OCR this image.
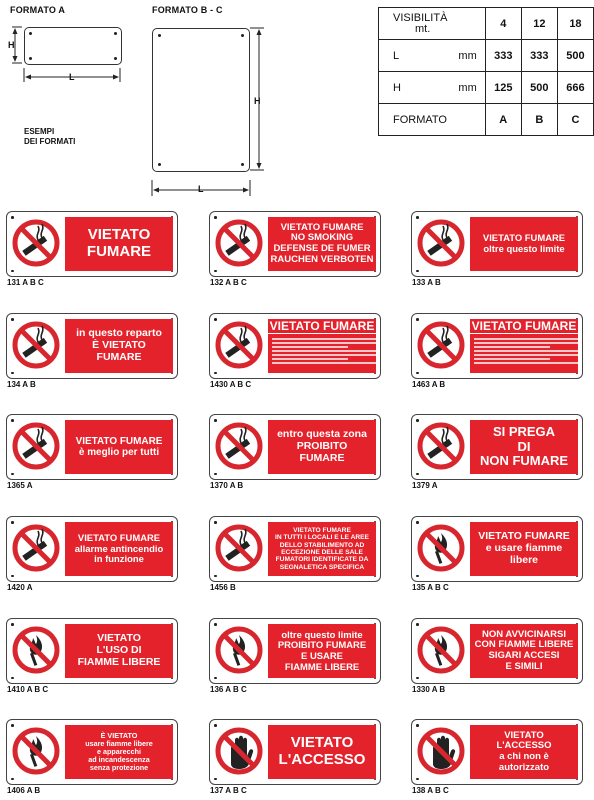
FORMATO A	FORMATO B - C
H
L
H
L
ESEMPI
DEI FORMATI
VISIBILITÀ
mt.	4	12	18
L mm	333	333	500
H mm	125	500	666
FORMATO	A	B	C
VIETATO
FUMARE
131 A B C
VIETATO FUMARE
NO SMOKING
DEFENSE DE FUMER
RAUCHEN VERBOTEN
132 A B C
VIETATO FUMARE
oltre questo limite
133 A B
in questo reparto
È VIETATO
FUMARE
134 A B
VIETATO FUMARE
1430 A B C
VIETATO FUMARE
1463 A B
VIETATO FUMARE
è meglio per tutti
1365 A
entro questa zona
PROIBITO
FUMARE
1370 A B
SI PREGA
DI
NON FUMARE
1379 A
VIETATO FUMARE
allarme antincendio
in funzione
1420 A
VIETATO FUMARE
IN TUTTI I LOCALI E LE AREE
DELLO STABILIMENTO AD
ECCEZIONE DELLE SALE
FUMATORI IDENTIFICATE DA
SEGNALETICA SPECIFICA
1456 B
VIETATO FUMARE
e usare fiamme
libere
135 A B C
VIETATO
L'USO DI
FIAMME LIBERE
1410 A B C
oltre questo limite
PROIBITO FUMARE
E USARE
FIAMME LIBERE
136 A B C
NON AVVICINARSI
CON FIAMME LIBERE
SIGARI ACCESI
E SIMILI
1330 A B
È VIETATO
usare fiamme libere
e apparecchi
ad incandescenza
senza protezione
1406 A B
VIETATO
L'ACCESSO
137 A B C
VIETATO
L'ACCESSO
a chi non è
autorizzato
138 A B C
